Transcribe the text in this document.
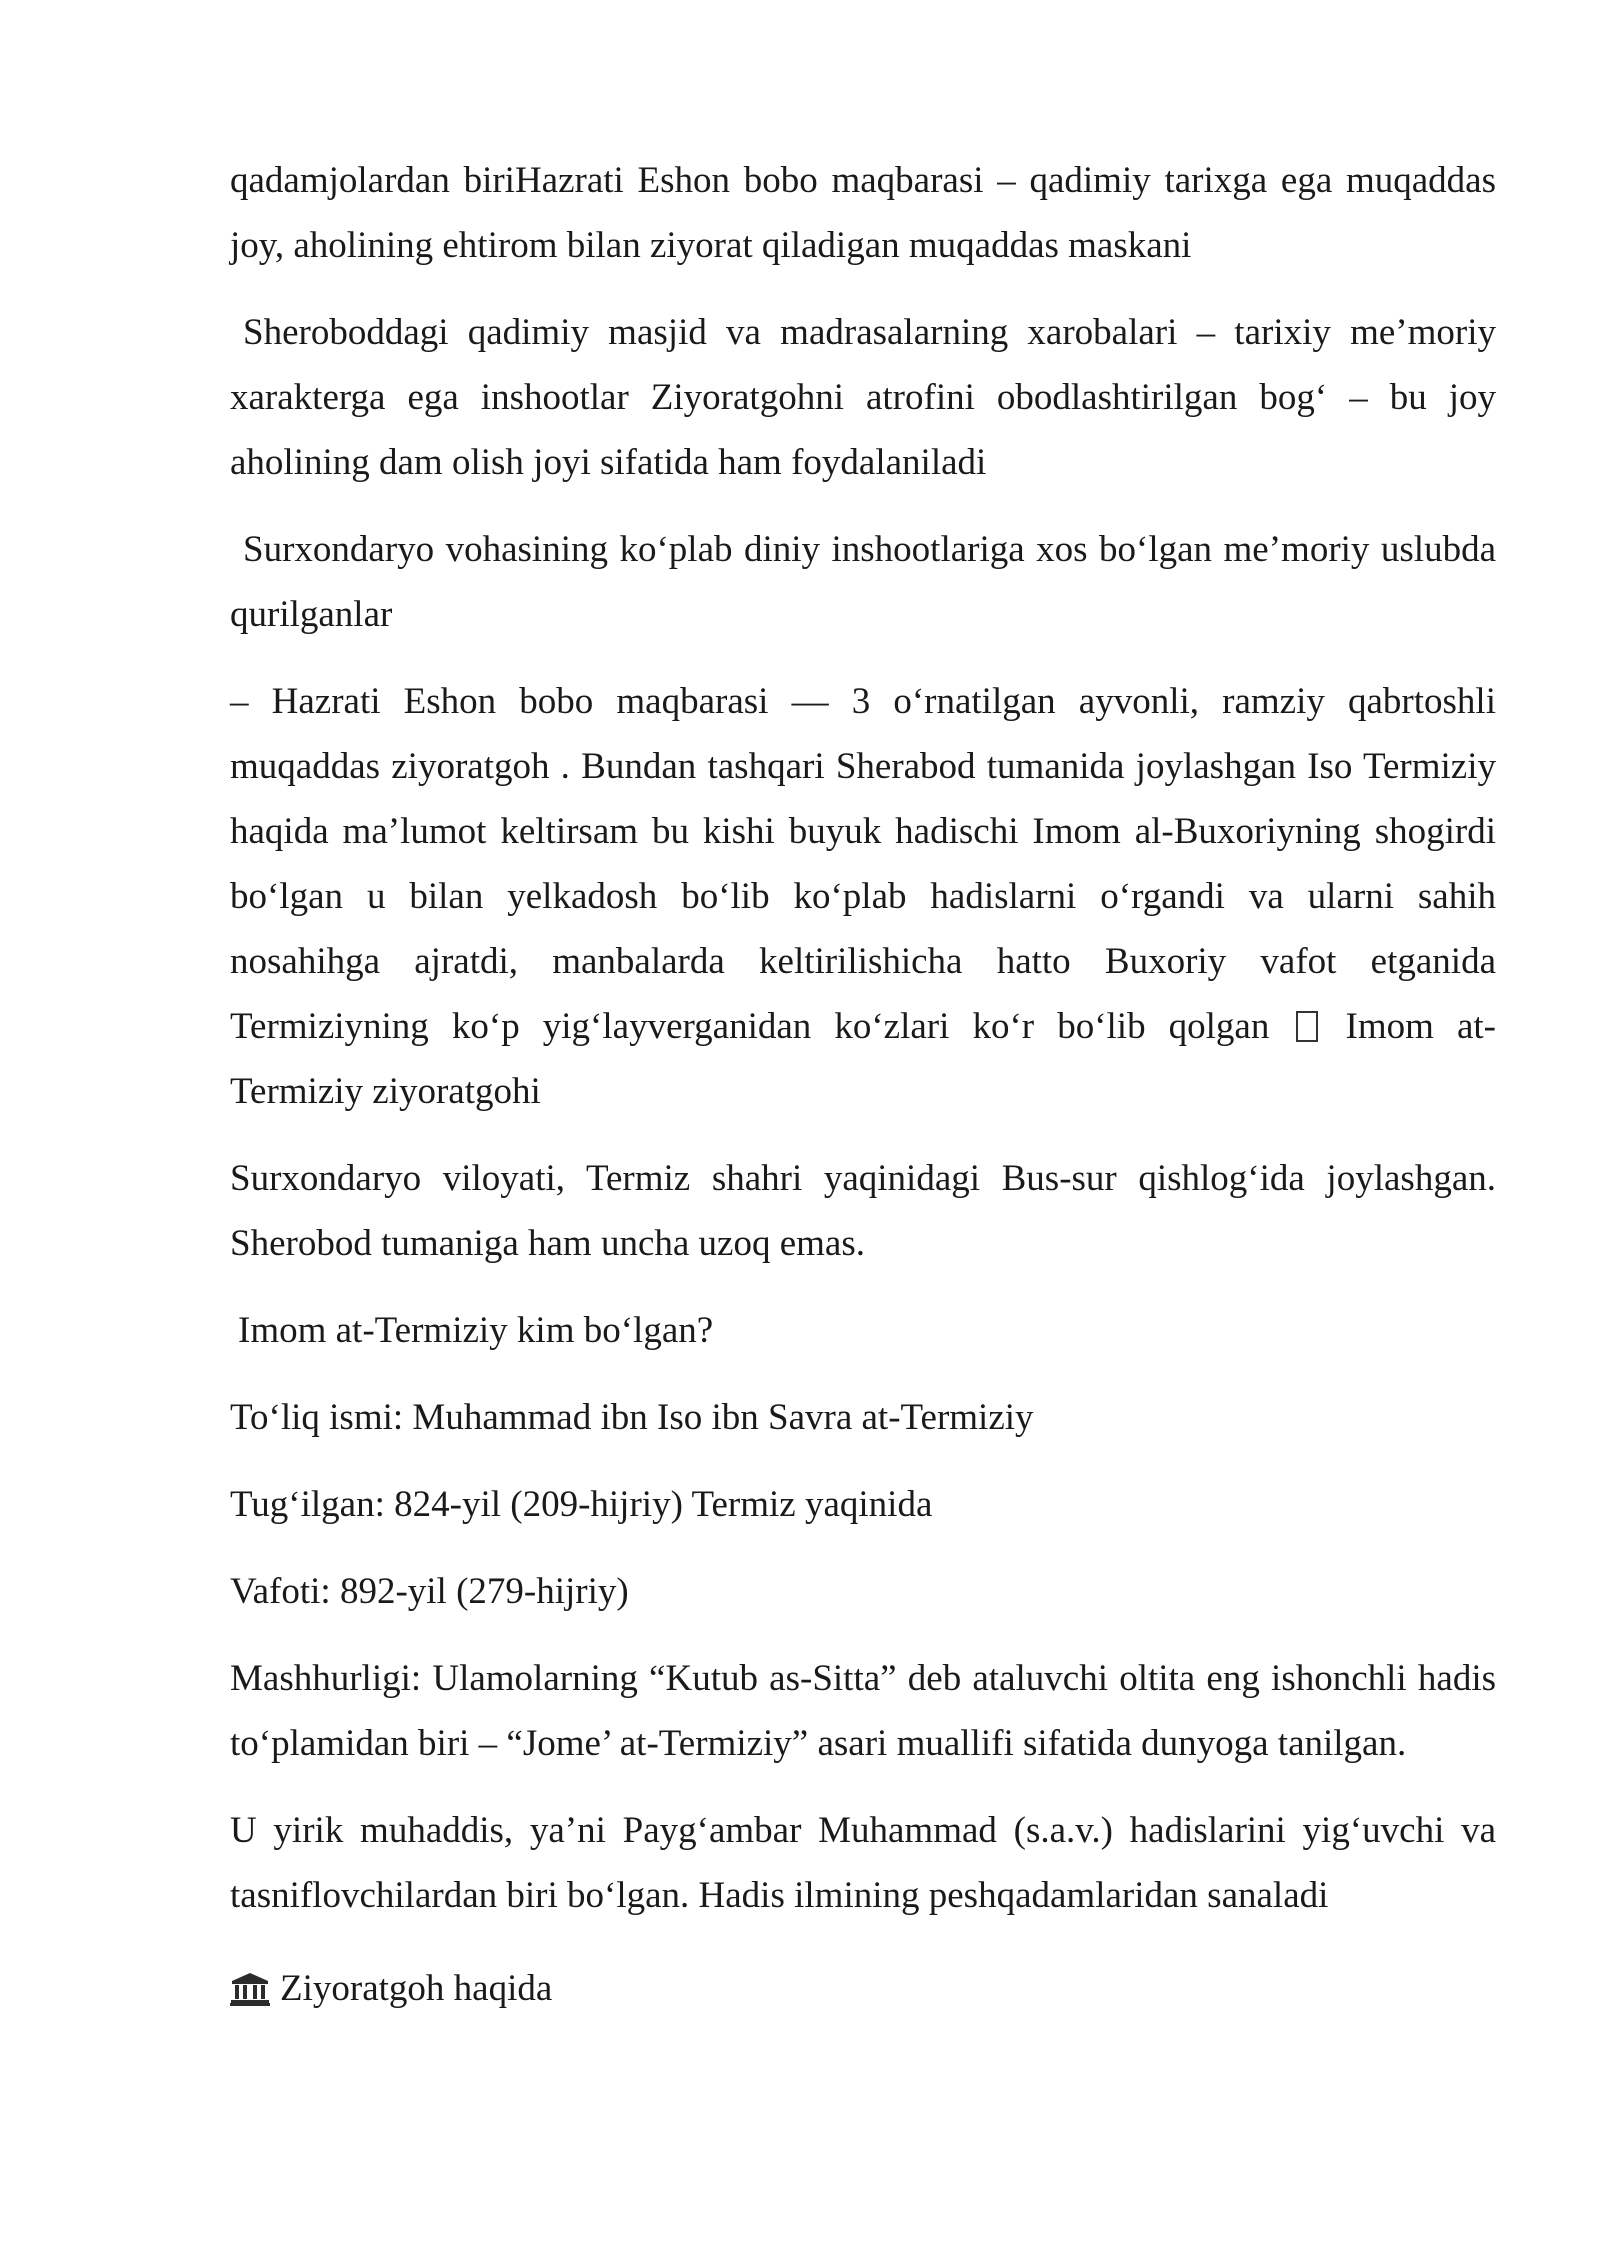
qadamjolardan biriHazrati Eshon bobo maqbarasi – qadimiy tarixga ega muqaddas joy, aholining ehtirom bilan ziyorat qiladigan muqaddas maskani

Sheroboddagi qadimiy masjid va madrasalarning xarobalari – tarixiy me’moriy xarakterga ega inshootlar Ziyoratgohni atrofini obodlashtirilgan bog‘ – bu joy aholining dam olish joyi sifatida ham foydalaniladi

Surxondaryo vohasining ko‘plab diniy inshootlariga xos bo‘lgan me’moriy uslubda qurilganlar

– Hazrati Eshon bobo maqbarasi — 3 o‘rnatilgan ayvonli, ramziy qabrtoshli muqaddas ziyoratgoh . Bundan tashqari Sherabod tumanida joylashgan Iso Termiziy haqida ma’lumot keltirsam bu kishi buyuk hadischi Imom al-Buxoriyning shogirdi bo‘lgan u bilan yelkadosh bo‘lib ko‘plab hadislarni o‘rgandi va ularni sahih nosahihga ajratdi, manbalarda keltirilishicha hatto Buxoriy vafot etganida Termiziyning ko‘p yig‘layverganidan ko‘zlari ko‘r bo‘lib qolgan Imom at-Termiziy ziyoratgohi

Surxondaryo viloyati, Termiz shahri yaqinidagi Bus-sur qishlog‘ida joylashgan. Sherobod tumaniga ham uncha uzoq emas.

Imom at-Termiziy kim bo‘lgan?

To‘liq ismi: Muhammad ibn Iso ibn Savra at-Termiziy

Tug‘ilgan: 824-yil (209-hijriy) Termiz yaqinida

Vafoti: 892-yil (279-hijriy)

Mashhurligi: Ulamolarning “Kutub as-Sitta” deb ataluvchi oltita eng ishonchli hadis to‘plamidan biri – “Jome’ at-Termiziy” asari muallifi sifatida dunyoga tanilgan.

U yirik muhaddis, ya’ni Payg‘ambar Muhammad (s.a.v.) hadislarini yig‘uvchi va tasniflovchilardan biri bo‘lgan. Hadis ilmining peshqadamlaridan sanaladi

Ziyoratgoh haqida
